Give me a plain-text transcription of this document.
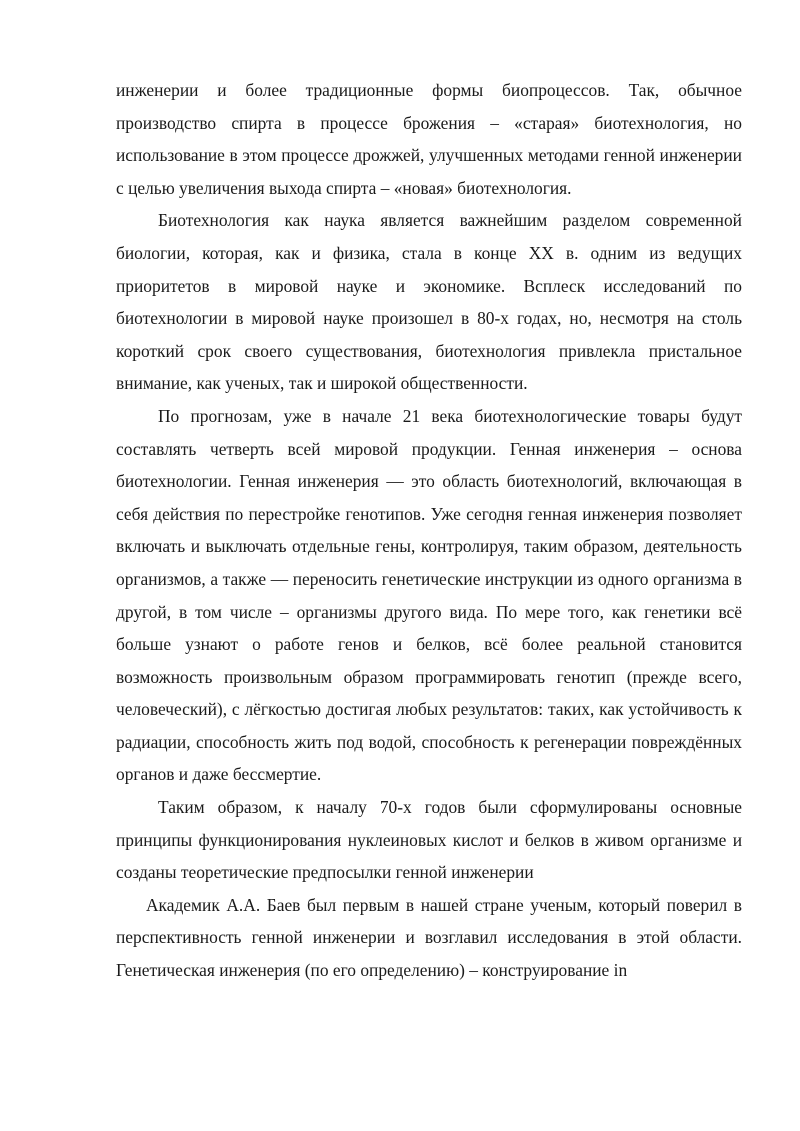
инженерии и более традиционные формы биопроцессов. Так, обычное производство спирта в процессе брожения – «старая» биотехнология, но использование в этом процессе дрожжей, улучшенных методами генной инженерии с целью увеличения выхода спирта – «новая» биотехнология.

Биотехнология как наука является важнейшим разделом современной биологии, которая, как и физика, стала в конце XX в. одним из ведущих приоритетов в мировой науке и экономике. Всплеск исследований по биотехнологии в мировой науке произошел в 80-х годах, но, несмотря на столь короткий срок своего существования, биотехнология привлекла пристальное внимание, как ученых, так и широкой общественности.

По прогнозам, уже в начале 21 века биотехнологические товары будут составлять четверть всей мировой продукции. Генная инженерия – основа биотехнологии. Генная инженерия — это область биотехнологий, включающая в себя действия по перестройке генотипов. Уже сегодня генная инженерия позволяет включать и выключать отдельные гены, контролируя, таким образом, деятельность организмов, а также — переносить генетические инструкции из одного организма в другой, в том числе – организмы другого вида. По мере того, как генетики всё больше узнают о работе генов и белков, всё более реальной становится возможность произвольным образом программировать генотип (прежде всего, человеческий), с лёгкостью достигая любых результатов: таких, как устойчивость к радиации, способность жить под водой, способность к регенерации повреждённых органов и даже бессмертие.

Таким образом, к началу 70-х годов были сформулированы основные принципы функционирования нуклеиновых кислот и белков в живом организме и созданы теоретические предпосылки генной инженерии

Академик А.А. Баев был первым в нашей стране ученым, который поверил в перспективность генной инженерии и возглавил исследования в этой области. Генетическая инженерия (по его определению) – конструирование in
